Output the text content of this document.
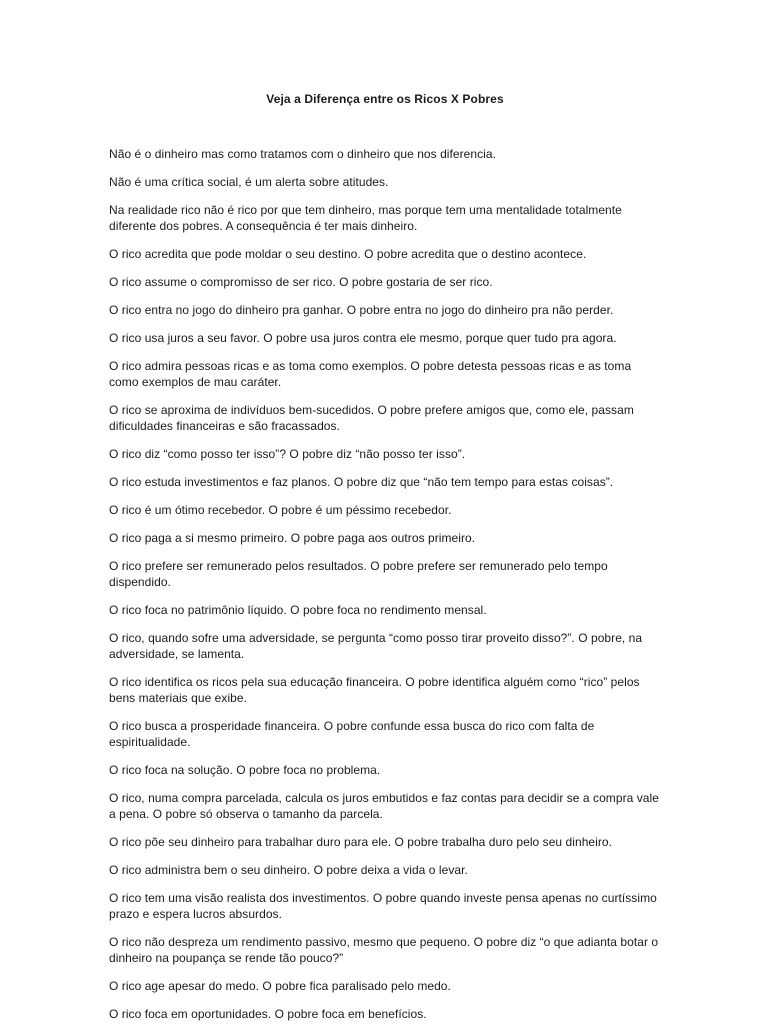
Veja a Diferença entre os Ricos X Pobres

Não é o dinheiro mas como tratamos com o dinheiro que nos diferencia.

Não é uma crítica social, é um alerta sobre atitudes.

Na realidade rico não é rico por que tem dinheiro, mas porque tem uma mentalidade totalmente diferente dos pobres. A consequência é ter mais dinheiro.

O rico acredita que pode moldar o seu destino. O pobre acredita que o destino acontece.

O rico assume o compromisso de ser rico. O pobre gostaria de ser rico.

O rico entra no jogo do dinheiro pra ganhar. O pobre entra no jogo do dinheiro pra não perder.

O rico usa juros a seu favor. O pobre usa juros contra ele mesmo, porque quer tudo pra agora.

O rico admira pessoas ricas e as toma como exemplos. O pobre detesta pessoas ricas e as toma como exemplos de mau caráter.

O rico se aproxima de indivíduos bem-sucedidos. O pobre prefere amigos que, como ele, passam dificuldades financeiras e são fracassados.

O rico diz “como posso ter isso”? O pobre diz “não posso ter isso”.

O rico estuda investimentos e faz planos. O pobre diz que “não tem tempo para estas coisas”.

O rico é um ótimo recebedor. O pobre é um péssimo recebedor.

O rico paga a si mesmo primeiro. O pobre paga aos outros primeiro.

O rico prefere ser remunerado pelos resultados. O pobre prefere ser remunerado pelo tempo dispendido.

O rico foca no patrimônio líquido. O pobre foca no rendimento mensal.

O rico, quando sofre uma adversidade, se pergunta “como posso tirar proveito disso?”. O pobre, na adversidade, se lamenta.

O rico identifica os ricos pela sua educação financeira. O pobre identifica alguém como “rico” pelos bens materiais que exibe.

O rico busca a prosperidade financeira. O pobre confunde essa busca do rico com falta de espiritualidade.

O rico foca na solução. O pobre foca no problema.

O rico, numa compra parcelada, calcula os juros embutidos e faz contas para decidir se a compra vale a pena. O pobre só observa o tamanho da parcela.

O rico põe seu dinheiro para trabalhar duro para ele. O pobre trabalha duro pelo seu dinheiro.

O rico administra bem o seu dinheiro. O pobre deixa a vida o levar.

O rico tem uma visão realista dos investimentos. O pobre quando investe pensa apenas no curtíssimo prazo e espera lucros absurdos.

O rico não despreza um rendimento passivo, mesmo que pequeno. O pobre diz “o que adianta botar o dinheiro na poupança se rende tão pouco?”

O rico age apesar do medo. O pobre fica paralisado pelo medo.

O rico foca em oportunidades. O pobre foca em benefícios.
